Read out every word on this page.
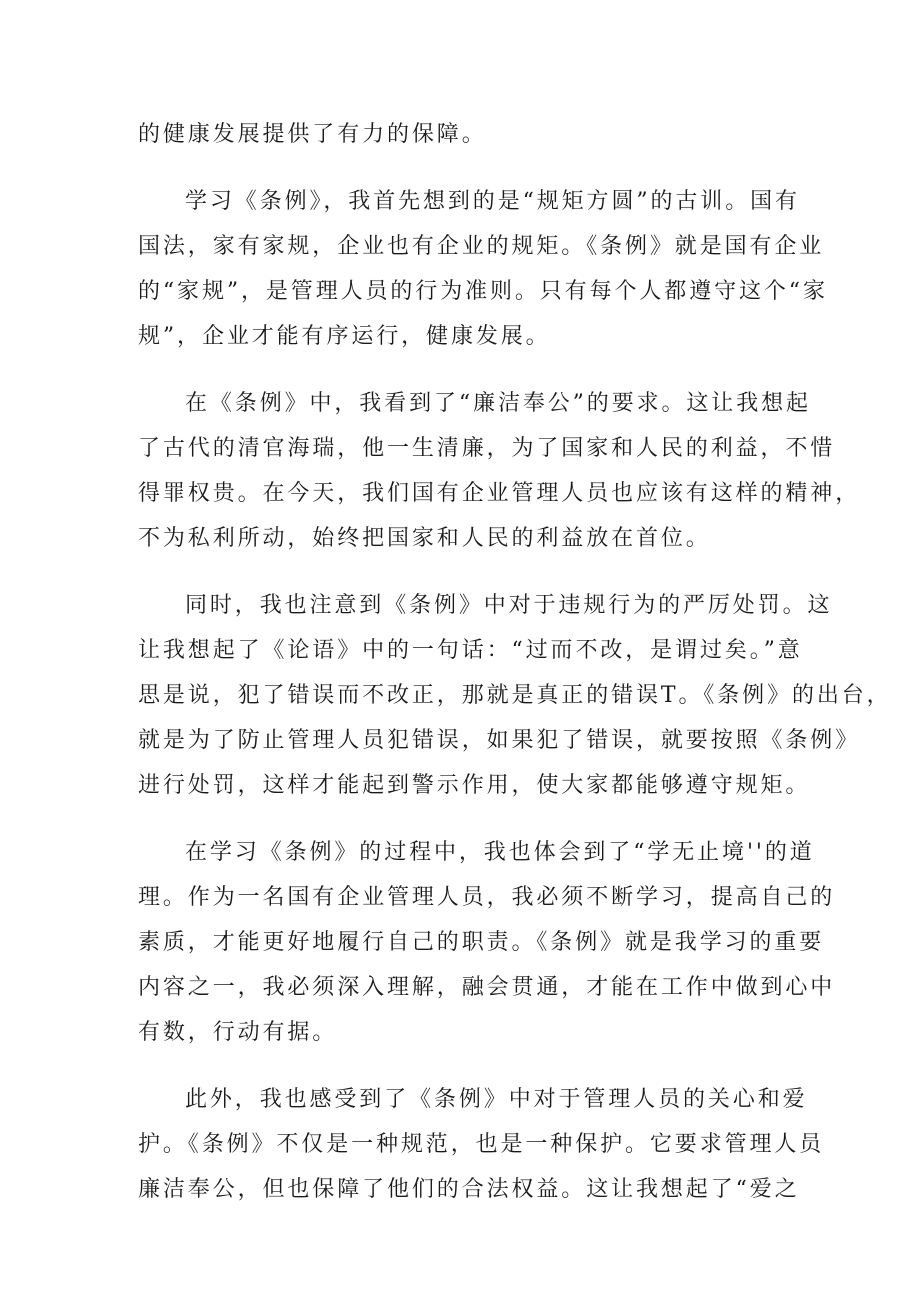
的健康发展提供了有力的保障。

学习《条例》，我首先想到的是“规矩方圆”的古训。国有
国法，家有家规，企业也有企业的规矩。《条例》就是国有企业
的“家规”，是管理人员的行为准则。只有每个人都遵守这个“家
规”，企业才能有序运行，健康发展。

在《条例》中，我看到了“廉洁奉公”的要求。这让我想起
了古代的清官海瑞，他一生清廉，为了国家和人民的利益，不惜
得罪权贵。在今天，我们国有企业管理人员也应该有这样的精神，
不为私利所动，始终把国家和人民的利益放在首位。

同时，我也注意到《条例》中对于违规行为的严厉处罚。这
让我想起了《论语》中的一句话：“过而不改，是谓过矣。”意
思是说，犯了错误而不改正，那就是真正的错误T。《条例》的出台，
就是为了防止管理人员犯错误，如果犯了错误，就要按照《条例》
进行处罚，这样才能起到警示作用，使大家都能够遵守规矩。

在学习《条例》的过程中，我也体会到了“学无止境''的道
理。作为一名国有企业管理人员，我必须不断学习，提高自己的
素质，才能更好地履行自己的职责。《条例》就是我学习的重要
内容之一，我必须深入理解，融会贯通，才能在工作中做到心中
有数，行动有据。

此外，我也感受到了《条例》中对于管理人员的关心和爱
护。《条例》不仅是一种规范，也是一种保护。它要求管理人员
廉洁奉公，但也保障了他们的合法权益。这让我想起了“爱之
